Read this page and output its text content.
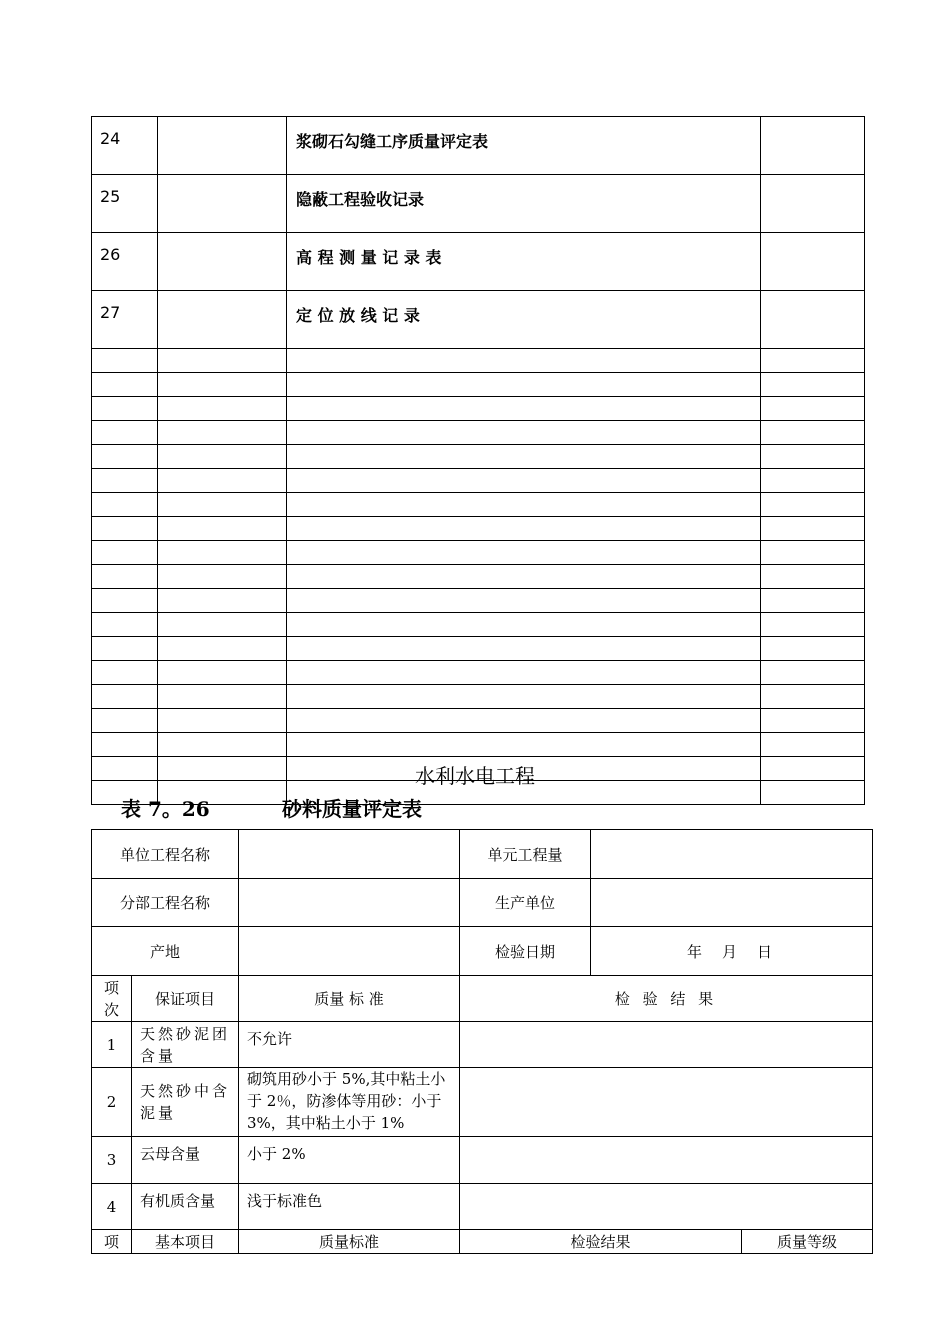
24		浆砌石勾缝工序质量评定表	
25		隐蔽工程验收记录	
26		高 程 测 量 记 录 表	
27		定 位 放 线 记 录	

水利水电工程
表 7。26	砂料质量评定表
单位工程名称			单元工程量		
分部工程名称			生产单位		
产地			检验日期	年 月 日	
项次	保证项目	质量 标 准	检 验 结 果		
1	天然砂泥团含量	不允许			
2	天然砂中含泥量	砌筑用砂小于 5%,其中粘土小于 2％，防渗体等用砂：小于 3%，其中粘土小于 1%			
3	云母含量	小于 2%			
4	有机质含量	浅于标准色			
项	基本项目	质量标准	检验结果		质量等级
